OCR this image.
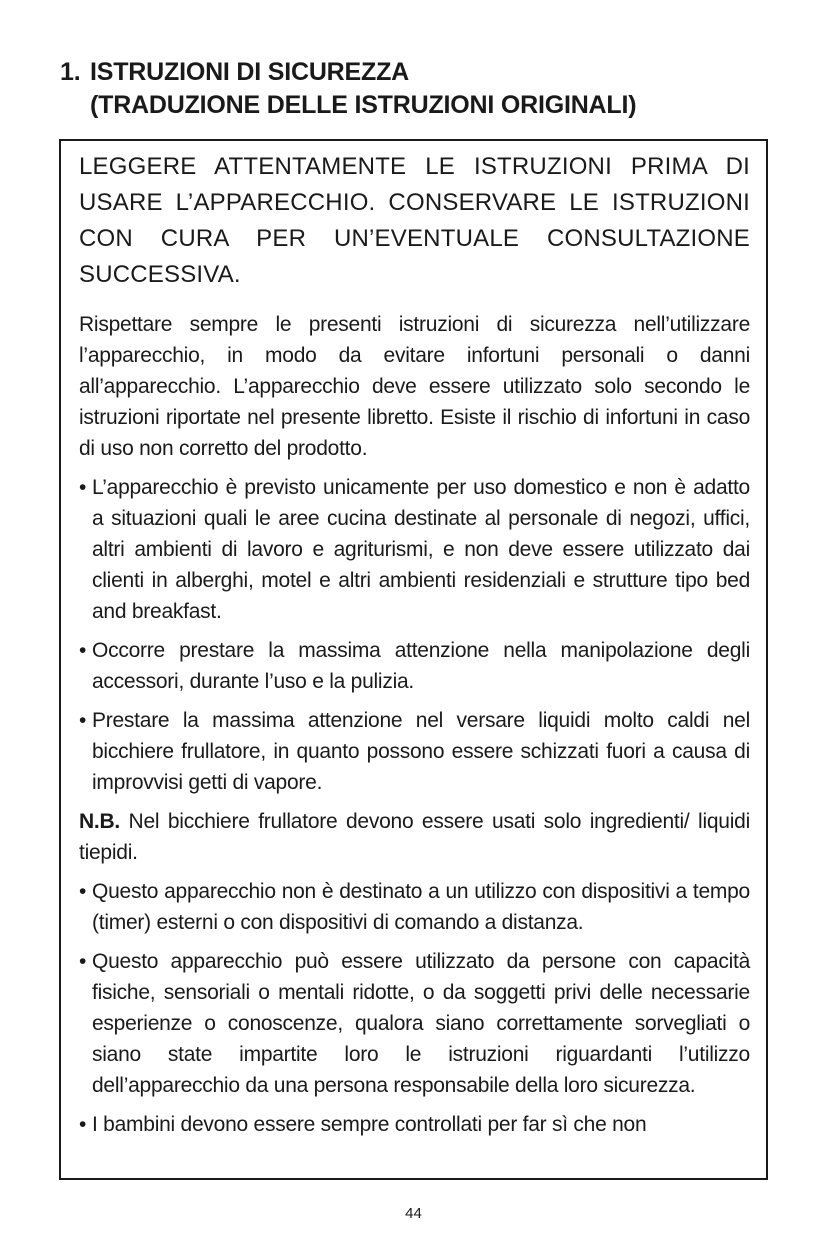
1. ISTRUZIONI DI SICUREZZA
(TRADUZIONE DELLE ISTRUZIONI ORIGINALI)

LEGGERE ATTENTAMENTE LE ISTRUZIONI PRIMA DI USARE L’APPARECCHIO. CONSERVARE LE ISTRUZIONI CON CURA PER UN’EVENTUALE CONSULTAZIONE SUCCESSIVA.

Rispettare sempre le presenti istruzioni di sicurezza nell’utilizzare l’apparecchio, in modo da evitare infortuni personali o danni all’apparecchio. L’apparecchio deve essere utilizzato solo secondo le istruzioni riportate nel presente libretto. Esiste il rischio di infortuni in caso di uso non corretto del prodotto.

• L’apparecchio è previsto unicamente per uso domestico e non è adatto a situazioni quali le aree cucina destinate al personale di negozi, uffici, altri ambienti di lavoro e agriturismi, e non deve essere utilizzato dai clienti in alberghi, motel e altri ambienti residenziali e strutture tipo bed and breakfast.
• Occorre prestare la massima attenzione nella manipolazione degli accessori, durante l’uso e la pulizia.
• Prestare la massima attenzione nel versare liquidi molto caldi nel bicchiere frullatore, in quanto possono essere schizzati fuori a causa di improvvisi getti di vapore.

N.B. Nel bicchiere frullatore devono essere usati solo ingredienti/ liquidi tiepidi.

• Questo apparecchio non è destinato a un utilizzo con dispositivi a tempo (timer) esterni o con dispositivi di comando a distanza.
• Questo apparecchio può essere utilizzato da persone con capacità fisiche, sensoriali o mentali ridotte, o da soggetti privi delle necessarie esperienze o conoscenze, qualora siano correttamente sorvegliati o siano state impartite loro le istruzioni riguardanti l’utilizzo dell’apparecchio da una persona responsabile della loro sicurezza.
• I bambini devono essere sempre controllati per far sì che non
44
